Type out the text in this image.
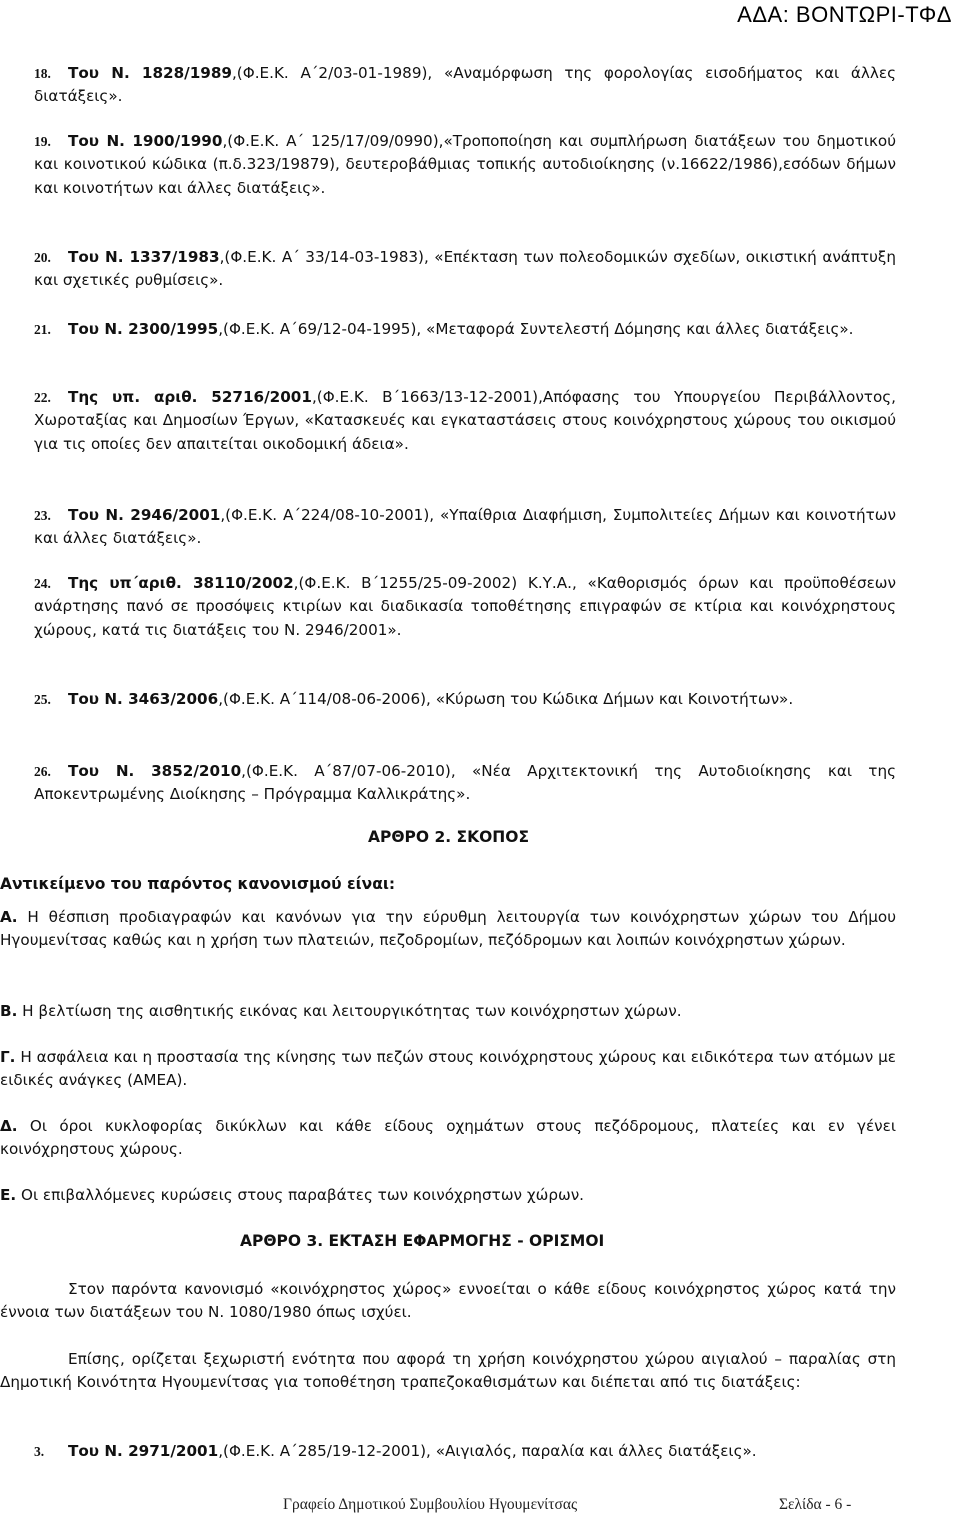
ΑΔΑ: ΒΟΝΤΩΡΙ-ΤΦΔ
18. Του Ν. 1828/1989,(Φ.Ε.Κ. Α΄2/03-01-1989), «Αναμόρφωση της φορολογίας εισοδήματος και άλλες διατάξεις».
19. Του Ν. 1900/1990,(Φ.Ε.Κ. Α΄ 125/17/09/0990),«Τροποποίηση και συμπλήρωση διατάξεων του δημοτικού και κοινοτικού κώδικα (π.δ.323/19879), δευτεροβάθμιας τοπικής αυτοδιοίκησης (ν.16622/1986),εσόδων δήμων και κοινοτήτων και άλλες διατάξεις».
20. Του Ν. 1337/1983,(Φ.Ε.Κ. Α΄ 33/14-03-1983), «Επέκταση των πολεοδομικών σχεδίων, οικιστική ανάπτυξη και σχετικές ρυθμίσεις».
21. Του Ν. 2300/1995,(Φ.Ε.Κ. Α΄69/12-04-1995), «Μεταφορά Συντελεστή Δόμησης και άλλες διατάξεις».
22. Της υπ. αριθ. 52716/2001,(Φ.Ε.Κ. Β΄1663/13-12-2001),Απόφασης του Υπουργείου Περιβάλλοντος, Χωροταξίας και Δημοσίων Έργων, «Κατασκευές και εγκαταστάσεις στους κοινόχρηστους χώρους του οικισμού για τις οποίες δεν απαιτείται οικοδομική άδεια».
23. Του Ν. 2946/2001,(Φ.Ε.Κ. Α΄224/08-10-2001), «Υπαίθρια Διαφήμιση, Συμπολιτείες Δήμων και κοινοτήτων και άλλες διατάξεις».
24. Της υπ΄αριθ. 38110/2002,(Φ.Ε.Κ. Β΄1255/25-09-2002) Κ.Υ.Α., «Καθορισμός όρων και προϋποθέσεων ανάρτησης πανό σε προσόψεις κτιρίων και διαδικασία τοποθέτησης επιγραφών σε κτίρια και κοινόχρηστους χώρους, κατά τις διατάξεις του Ν. 2946/2001».
25. Του Ν. 3463/2006,(Φ.Ε.Κ. Α΄114/08-06-2006), «Κύρωση του Κώδικα Δήμων και Κοινοτήτων».
26. Του Ν. 3852/2010,(Φ.Ε.Κ. Α΄87/07-06-2010), «Νέα Αρχιτεκτονική της Αυτοδιοίκησης και της Αποκεντρωμένης Διοίκησης – Πρόγραμμα Καλλικράτης».
ΑΡΘΡΟ 2. ΣΚΟΠΟΣ
Αντικείμενο του παρόντος κανονισμού είναι:
Α. Η θέσπιση προδιαγραφών και κανόνων για την εύρυθμη λειτουργία των κοινόχρηστων χώρων του Δήμου Ηγουμενίτσας καθώς και η χρήση των πλατειών, πεζοδρομίων, πεζόδρομων και λοιπών κοινόχρηστων χώρων.
Β. Η βελτίωση της αισθητικής εικόνας και λειτουργικότητας των κοινόχρηστων χώρων.
Γ. Η ασφάλεια και η προστασία της κίνησης των πεζών στους κοινόχρηστους χώρους και ειδικότερα των ατόμων με ειδικές ανάγκες (ΑΜΕΑ).
Δ. Οι όροι κυκλοφορίας δικύκλων και κάθε είδους οχημάτων στους πεζόδρομους, πλατείες και εν γένει κοινόχρηστους χώρους.
Ε. Οι επιβαλλόμενες κυρώσεις στους παραβάτες των κοινόχρηστων χώρων.
ΑΡΘΡΟ 3. ΕΚΤΑΣΗ ΕΦΑΡΜΟΓΗΣ - ΟΡΙΣΜΟΙ
Στον παρόντα κανονισμό «κοινόχρηστος χώρος» εννοείται ο κάθε είδους κοινόχρηστος χώρος κατά την έννοια των διατάξεων του Ν. 1080/1980 όπως ισχύει.
Επίσης, ορίζεται ξεχωριστή ενότητα που αφορά τη χρήση κοινόχρηστου χώρου αιγιαλού – παραλίας στη Δημοτική Κοινότητα Ηγουμενίτσας για τοποθέτηση τραπεζοκαθισμάτων και διέπεται από τις διατάξεις:
3. Του Ν. 2971/2001,(Φ.Ε.Κ. Α΄285/19-12-2001), «Αιγιαλός, παραλία και άλλες διατάξεις».
Γραφείο Δημοτικού Συμβουλίου Ηγουμενίτσας	Σελίδα - 6 -
